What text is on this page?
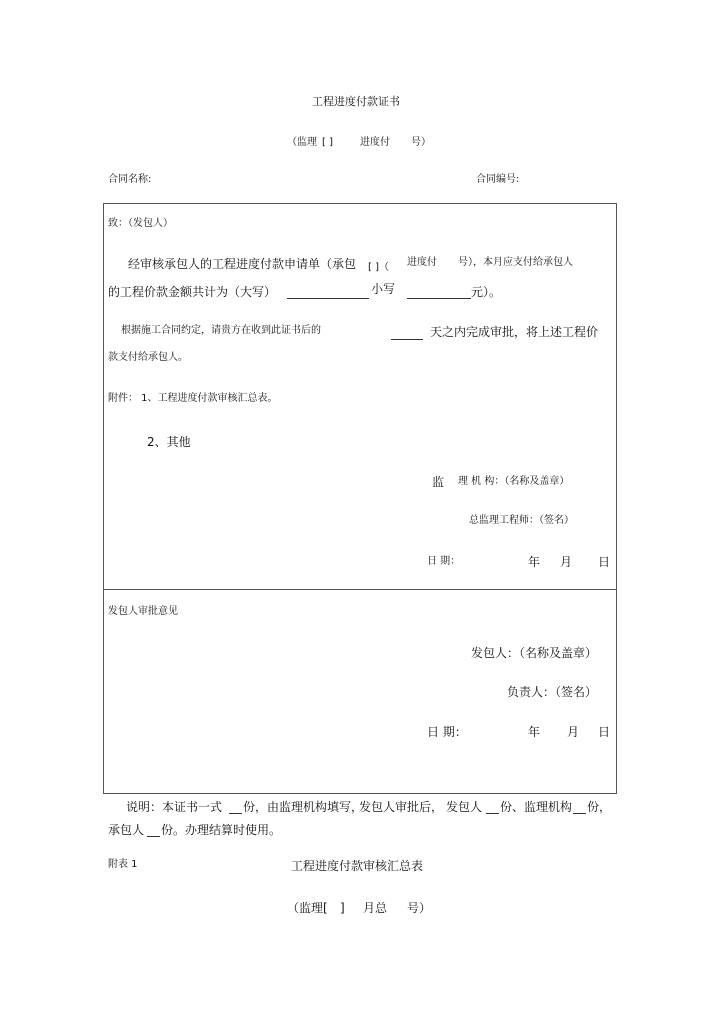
工程进度付款证书
（监理 [ ]	进度付 号）
合同名称:	合同编号:
致：（发包人）
经审核承包人的工程进度付款申请单（承包 [ ]（ 进度付 号），本月应支付给承包人
的工程价款金额共计为（大写）	小写	元）。
根据施工合同约定，请贵方在收到此证书后的	天之内完成审批，将上述工程价
款支付给承包人。
附件： 1、工程进度付款审核汇总表。
2、其他
监 理 机 构：（名称及盖章）
总监理工程师：（签名）
日 期：	年 月 日
发包人审批意见
发包人：（名称及盖章）
负责人：（签名）
日 期：	年 月 日
说明：本证书一式 份，由监理机构填写，
发包人审批后， 发包人 份、监理机构 份，
承包人 份。办理结算时使用。
附表 1	工程进度付款审核汇总表
（监理[ ] 月总 号）
